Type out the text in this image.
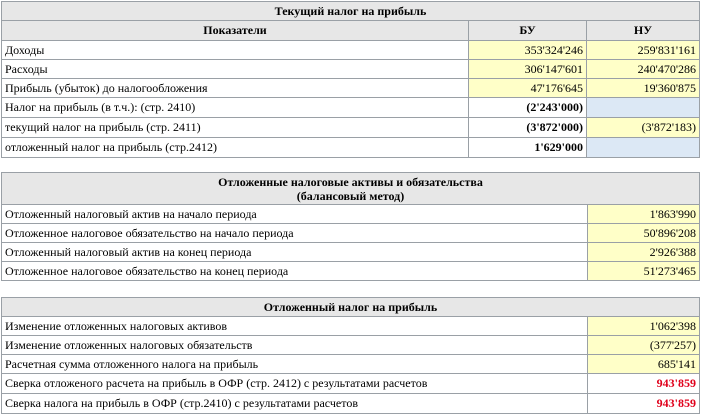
Текущий налог на прибыль
Показатели	БУ	НУ
Доходы	353'324'246	259'831'161
Расходы	306'147'601	240'470'286
Прибыль (убыток) до налогообложения	47'176'645	19'360'875
Налог на прибыль (в т.ч.): (стр. 2410)	(2'243'000)
текущий налог на прибыль (стр. 2411)	(3'872'000)	(3'872'183)
отложенный налог на прибыль (стр.2412)	1'629'000
Отложенные налоговые активы и обязательства
(балансовый метод)
Отложенный налоговый актив на начало периода	1'863'990
Отложенное налоговое обязательство на начало периода	50'896'208
Отложенный налоговый актив на конец периода	2'926'388
Отложенное налоговое обязательство на конец периода	51'273'465
Отложенный налог на прибыль
Изменение отложенных налоговых активов	1'062'398
Изменение отложенных налоговых обязательств	(377'257)
Расчетная сумма отложенного налога на прибыль	685'141
Сверка отложеного расчета на прибыль в ОФР (стр. 2412) с результатами расчетов	943'859
Сверка налога на прибыль в ОФР (стр.2410) с результатами расчетов	943'859
